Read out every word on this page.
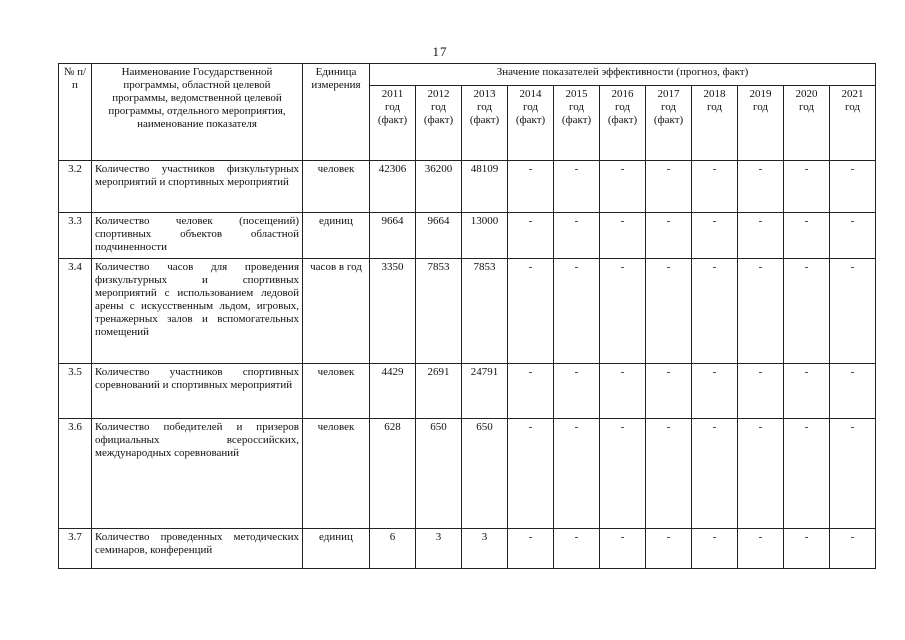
17
№ п/п	Наименование Государственной программы, областной целевой программы, ведомственной целевой программы, отдельного мероприятия, наименование показателя	Единица измерения	Значение показателей эффективности (прогноз, факт)										
			2011 год (факт)	2012 год (факт)	2013 год (факт)	2014 год (факт)	2015 год (факт)	2016 год (факт)	2017 год (факт)	2018 год	2019 год	2020 год	2021 год
3.2	Количество участников физкультурных мероприятий и спортивных мероприятий	человек	42306	36200	48109	-	-	-	-	-	-	-	-
3.3	Количество человек (посещений) спортивных объектов областной подчиненности	единиц	9664	9664	13000	-	-	-	-	-	-	-	-
3.4	Количество часов для проведения физкультурных и спортивных мероприятий с использованием ледовой арены с искусственным льдом, игровых, тренажерных залов и вспомогательных помещений	часов в год	3350	7853	7853	-	-	-	-	-	-	-	-
3.5	Количество участников спортивных соревнований и спортивных мероприятий	человек	4429	2691	24791	-	-	-	-	-	-	-	-
3.6	Количество победителей и призеров официальных всероссийских, международных соревнований	человек	628	650	650	-	-	-	-	-	-	-	-
3.7	Количество проведенных методических семинаров, конференций	единиц	6	3	3	-	-	-	-	-	-	-	-
